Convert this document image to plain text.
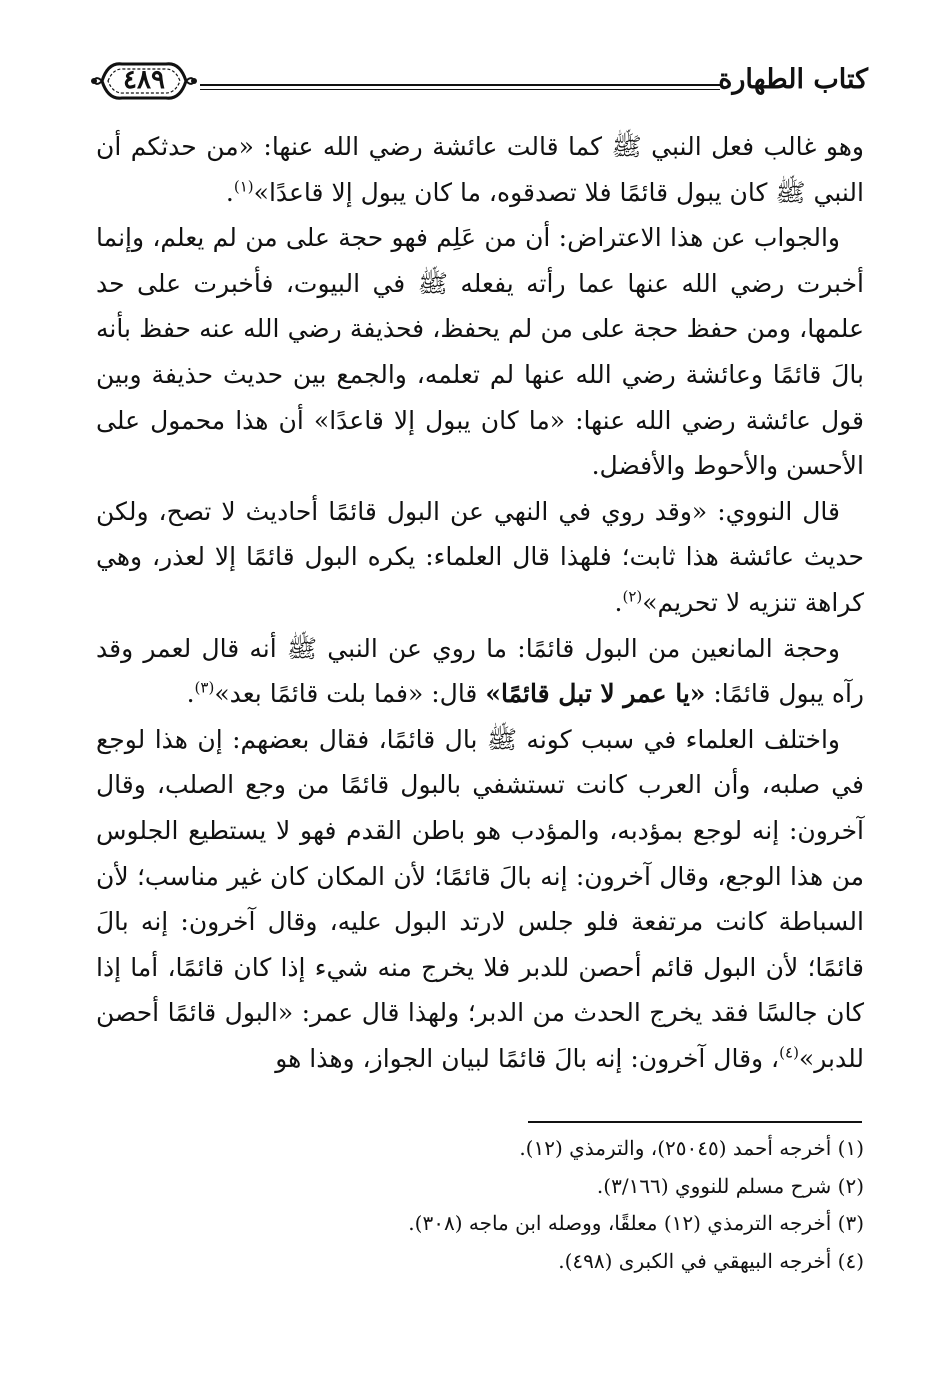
٤٨٩	كتاب الطهارة

وهو غالب فعل النبي ﷺ كما قالت عائشة رضي الله عنها: «من حدثكم أن النبي ﷺ كان يبول قائمًا فلا تصدقوه، ما كان يبول إلا قاعدًا»$^{(١)}$.

والجواب عن هذا الاعتراض: أن من عَلِم فهو حجة على من لم يعلم، وإنما أخبرت رضي الله عنها عما رأته يفعله ﷺ في البيوت، فأخبرت على حد علمها، ومن حفظ حجة على من لم يحفظ، فحذيفة رضي الله عنه حفظ بأنه بالَ قائمًا وعائشة رضي الله عنها لم تعلمه، والجمع بين حديث حذيفة وبين قول عائشة رضي الله عنها: «ما كان يبول إلا قاعدًا» أن هذا محمول على الأحسن والأحوط والأفضل.

قال النووي: «وقد روي في النهي عن البول قائمًا أحاديث لا تصح، ولكن حديث عائشة هذا ثابت؛ فلهذا قال العلماء: يكره البول قائمًا إلا لعذر، وهي كراهة تنزيه لا تحريم»$^{(٢)}$.

وحجة المانعين من البول قائمًا: ما روي عن النبي ﷺ أنه قال لعمر وقد رآه يبول قائمًا: «يا عمر لا تبل قائمًا» قال: «فما بلت قائمًا بعد»$^{(٣)}$.

واختلف العلماء في سبب كونه ﷺ بال قائمًا، فقال بعضهم: إن هذا لوجع في صلبه، وأن العرب كانت تستشفي بالبول قائمًا من وجع الصلب، وقال آخرون: إنه لوجع بمؤدبه، والمؤدب هو باطن القدم فهو لا يستطيع الجلوس من هذا الوجع، وقال آخرون: إنه بالَ قائمًا؛ لأن المكان كان غير مناسب؛ لأن السباطة كانت مرتفعة فلو جلس لارتد البول عليه، وقال آخرون: إنه بالَ قائمًا؛ لأن البول قائم أحصن للدبر فلا يخرج منه شيء إذا كان قائمًا، أما إذا كان جالسًا فقد يخرج الحدث من الدبر؛ ولهذا قال عمر: «البول قائمًا أحصن للدبر»$^{(٤)}$، وقال آخرون: إنه بالَ قائمًا لبيان الجواز، وهذا هو

(١) أخرجه أحمد (٢٥٠٤٥)، والترمذي (١٢).

(٢) شرح مسلم للنووي (٣/١٦٦).

(٣) أخرجه الترمذي (١٢) معلقًا، ووصله ابن ماجه (٣٠٨).

(٤) أخرجه البيهقي في الكبرى (٤٩٨).
